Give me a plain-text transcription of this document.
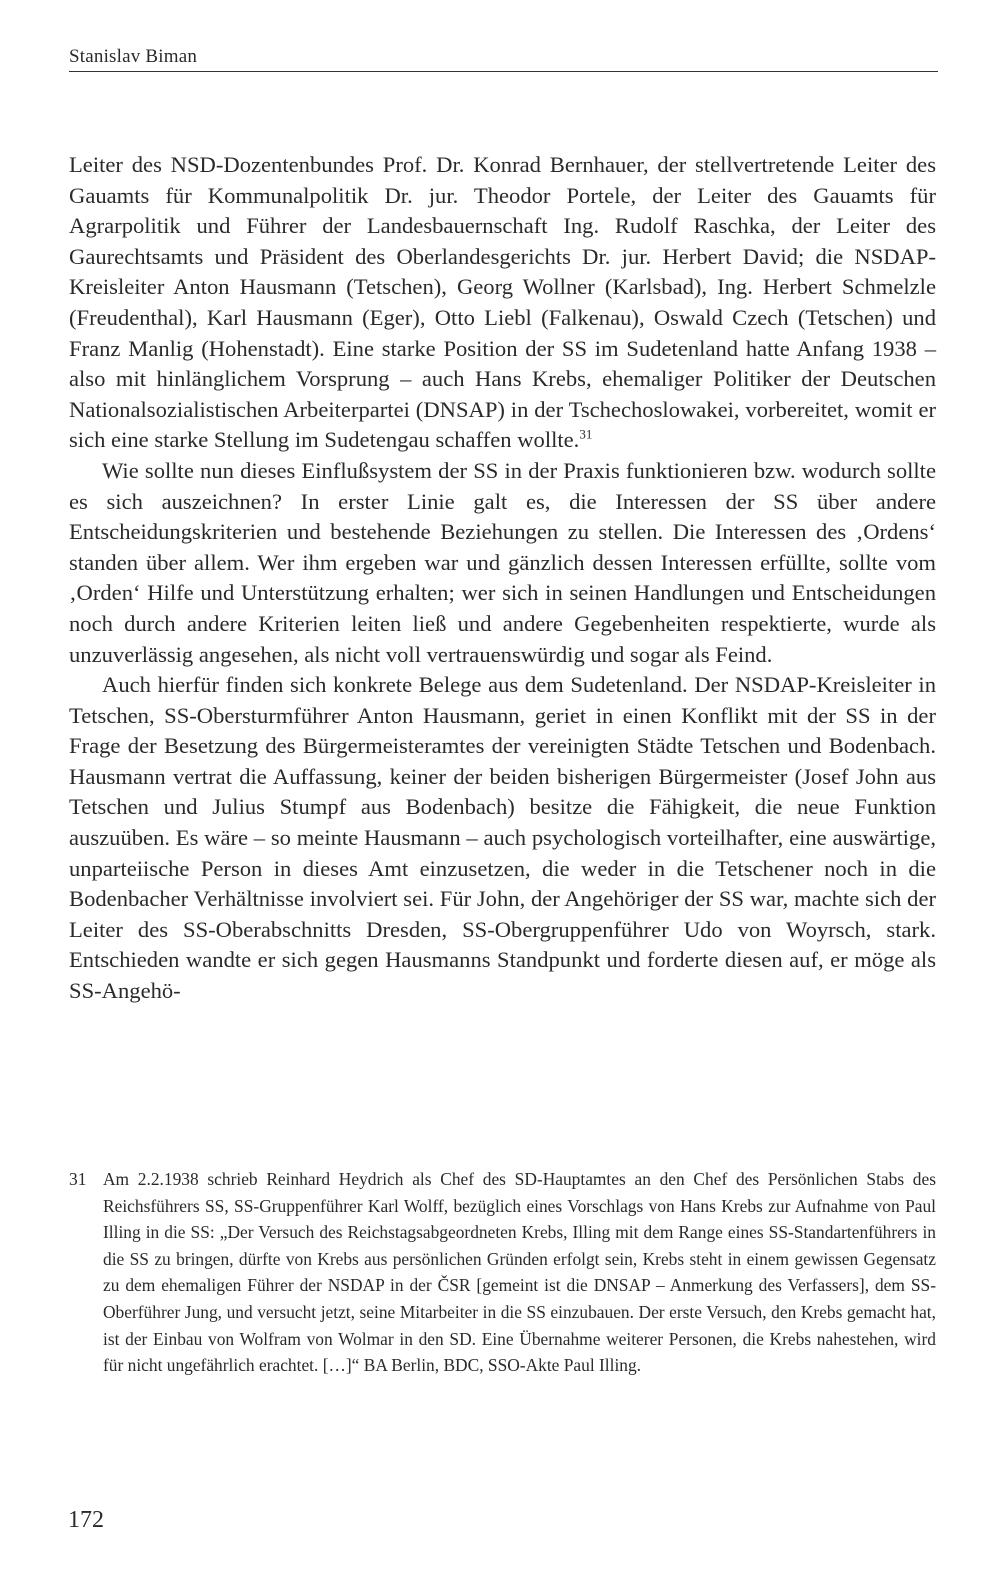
Stanislav Biman

Leiter des NSD-Dozentenbundes Prof. Dr. Konrad Bernhauer, der stellvertretende Leiter des Gauamts für Kommunalpolitik Dr. jur. Theodor Portele, der Leiter des Gauamts für Agrarpolitik und Führer der Landesbauernschaft Ing. Rudolf Raschka, der Leiter des Gaurechtsamts und Präsident des Oberlandesgerichts Dr. jur. Herbert David; die NSDAP-Kreisleiter Anton Hausmann (Tetschen), Georg Wollner (Karlsbad), Ing. Herbert Schmelzle (Freudenthal), Karl Hausmann (Eger), Otto Liebl (Falkenau), Oswald Czech (Tetschen) und Franz Manlig (Hohenstadt). Eine starke Position der SS im Sudetenland hatte Anfang 1938 – also mit hinlänglichem Vorsprung – auch Hans Krebs, ehemaliger Politiker der Deutschen Nationalsozialistischen Arbeiterpartei (DNSAP) in der Tschechoslowakei, vorbereitet, womit er sich eine starke Stellung im Sudetengau schaffen wollte.$^{31}$

Wie sollte nun dieses Einflußsystem der SS in der Praxis funktionieren bzw. wodurch sollte es sich auszeichnen? In erster Linie galt es, die Interessen der SS über andere Entscheidungskriterien und bestehende Beziehungen zu stellen. Die Interessen des ‚Ordens‘ standen über allem. Wer ihm ergeben war und gänzlich dessen Interessen erfüllte, sollte vom ‚Orden‘ Hilfe und Unterstützung erhalten; wer sich in seinen Handlungen und Entscheidungen noch durch andere Kriterien leiten ließ und andere Gegebenheiten respektierte, wurde als unzuverlässig angesehen, als nicht voll vertrauenswürdig und sogar als Feind.

Auch hierfür finden sich konkrete Belege aus dem Sudetenland. Der NSDAP-Kreisleiter in Tetschen, SS-Obersturmführer Anton Hausmann, geriet in einen Konflikt mit der SS in der Frage der Besetzung des Bürgermeisteramtes der vereinigten Städte Tetschen und Bodenbach. Hausmann vertrat die Auffassung, keiner der beiden bisherigen Bürgermeister (Josef John aus Tetschen und Julius Stumpf aus Bodenbach) besitze die Fähigkeit, die neue Funktion auszuüben. Es wäre – so meinte Hausmann – auch psychologisch vorteilhafter, eine auswärtige, unparteiische Person in dieses Amt einzusetzen, die weder in die Tetschener noch in die Bodenbacher Verhältnisse involviert sei. Für John, der Angehöriger der SS war, machte sich der Leiter des SS-Oberabschnitts Dresden, SS-Obergruppenführer Udo von Woyrsch, stark. Entschieden wandte er sich gegen Hausmanns Standpunkt und forderte diesen auf, er möge als SS-Angehö-

31 Am 2.2.1938 schrieb Reinhard Heydrich als Chef des SD-Hauptamtes an den Chef des Persönlichen Stabs des Reichsführers SS, SS-Gruppenführer Karl Wolff, bezüglich eines Vorschlags von Hans Krebs zur Aufnahme von Paul Illing in die SS: „Der Versuch des Reichstagsabgeordneten Krebs, Illing mit dem Range eines SS-Standartenführers in die SS zu bringen, dürfte von Krebs aus persönlichen Gründen erfolgt sein, Krebs steht in einem gewissen Gegensatz zu dem ehemaligen Führer der NSDAP in der ČSR [gemeint ist die DNSAP – Anmerkung des Verfassers], dem SS-Oberführer Jung, und versucht jetzt, seine Mitarbeiter in die SS einzubauen. Der erste Versuch, den Krebs gemacht hat, ist der Einbau von Wolfram von Wolmar in den SD. Eine Übernahme weiterer Personen, die Krebs nahestehen, wird für nicht ungefährlich erachtet. […]“ BA Berlin, BDC, SSO-Akte Paul Illing.
172
